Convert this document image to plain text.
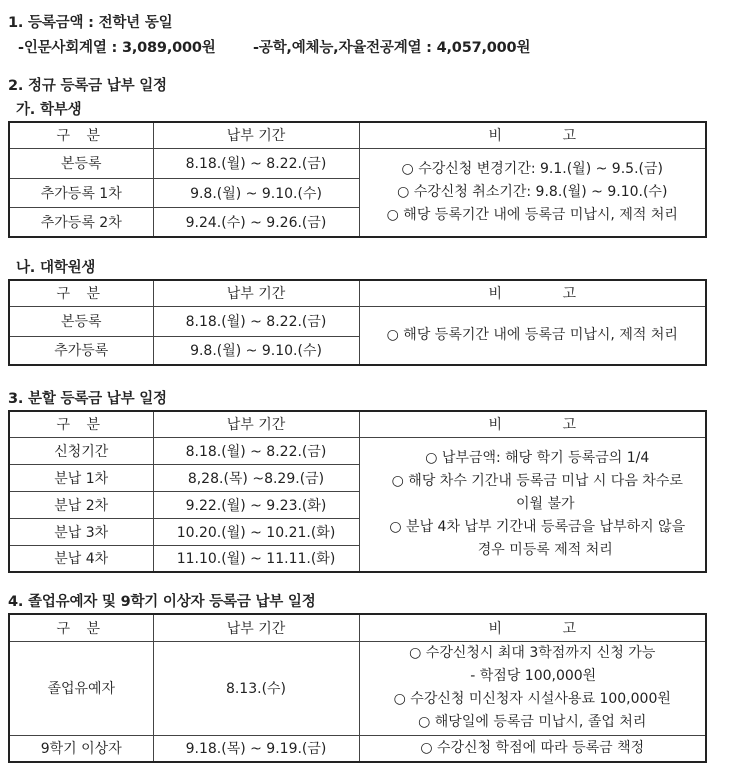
1. 등록금액 : 전학년 동일
-인문사회계열 : 3,089,000원	-공학,예체능,자율전공계열 : 4,057,000원
2. 정규 등록금 납부 일정
가. 학부생
구 분	납부 기간	비 고
본등록	8.18.(월) ~ 8.22.(금)	○ 수강신청 변경기간: 9.1.(월) ~ 9.5.(금)
○ 수강신청 취소기간: 9.8.(월) ~ 9.10.(수)
○ 해당 등록기간 내에 등록금 미납시, 제적 처리

추가등록 1차	9.8.(월) ~ 9.10.(수)	
추가등록 2차	9.24.(수) ~ 9.26.(금)	
나. 대학원생
구 분	납부 기간	비 고
본등록	8.18.(월) ~ 8.22.(금)	○ 해당 등록기간 내에 등록금 미납시, 제적 처리

추가등록	9.8.(월) ~ 9.10.(수)	
3. 분할 등록금 납부 일정
구 분	납부 기간	비 고
신청기간	8.18.(월) ~ 8.22.(금)	○ 납부금액: 해당 학기 등록금의 1/4
○ 해당 차수 기간내 등록금 미납 시 다음 차수로
이월 불가
○ 분납 4차 납부 기간내 등록금을 납부하지 않을
경우 미등록 제적 처리

분납 1차	8,28.(목) ~8.29.(금)	
분납 2차	9.22.(월) ~ 9.23.(화)	
분납 3차	10.20.(월) ~ 10.21.(화)	
분납 4차	11.10.(월) ~ 11.11.(화)	
4. 졸업유예자 및 9학기 이상자 등록금 납부 일정
구 분	납부 기간	비 고
졸업유예자	8.13.(수)	○ 수강신청시 최대 3학점까지 신청 가능
- 학점당 100,000원
○ 수강신청 미신청자 시설사용료 100,000원
○ 해당일에 등록금 미납시, 졸업 처리

9학기 이상자	9.18.(목) ~ 9.19.(금)	○ 수강신청 학점에 따라 등록금 책정
